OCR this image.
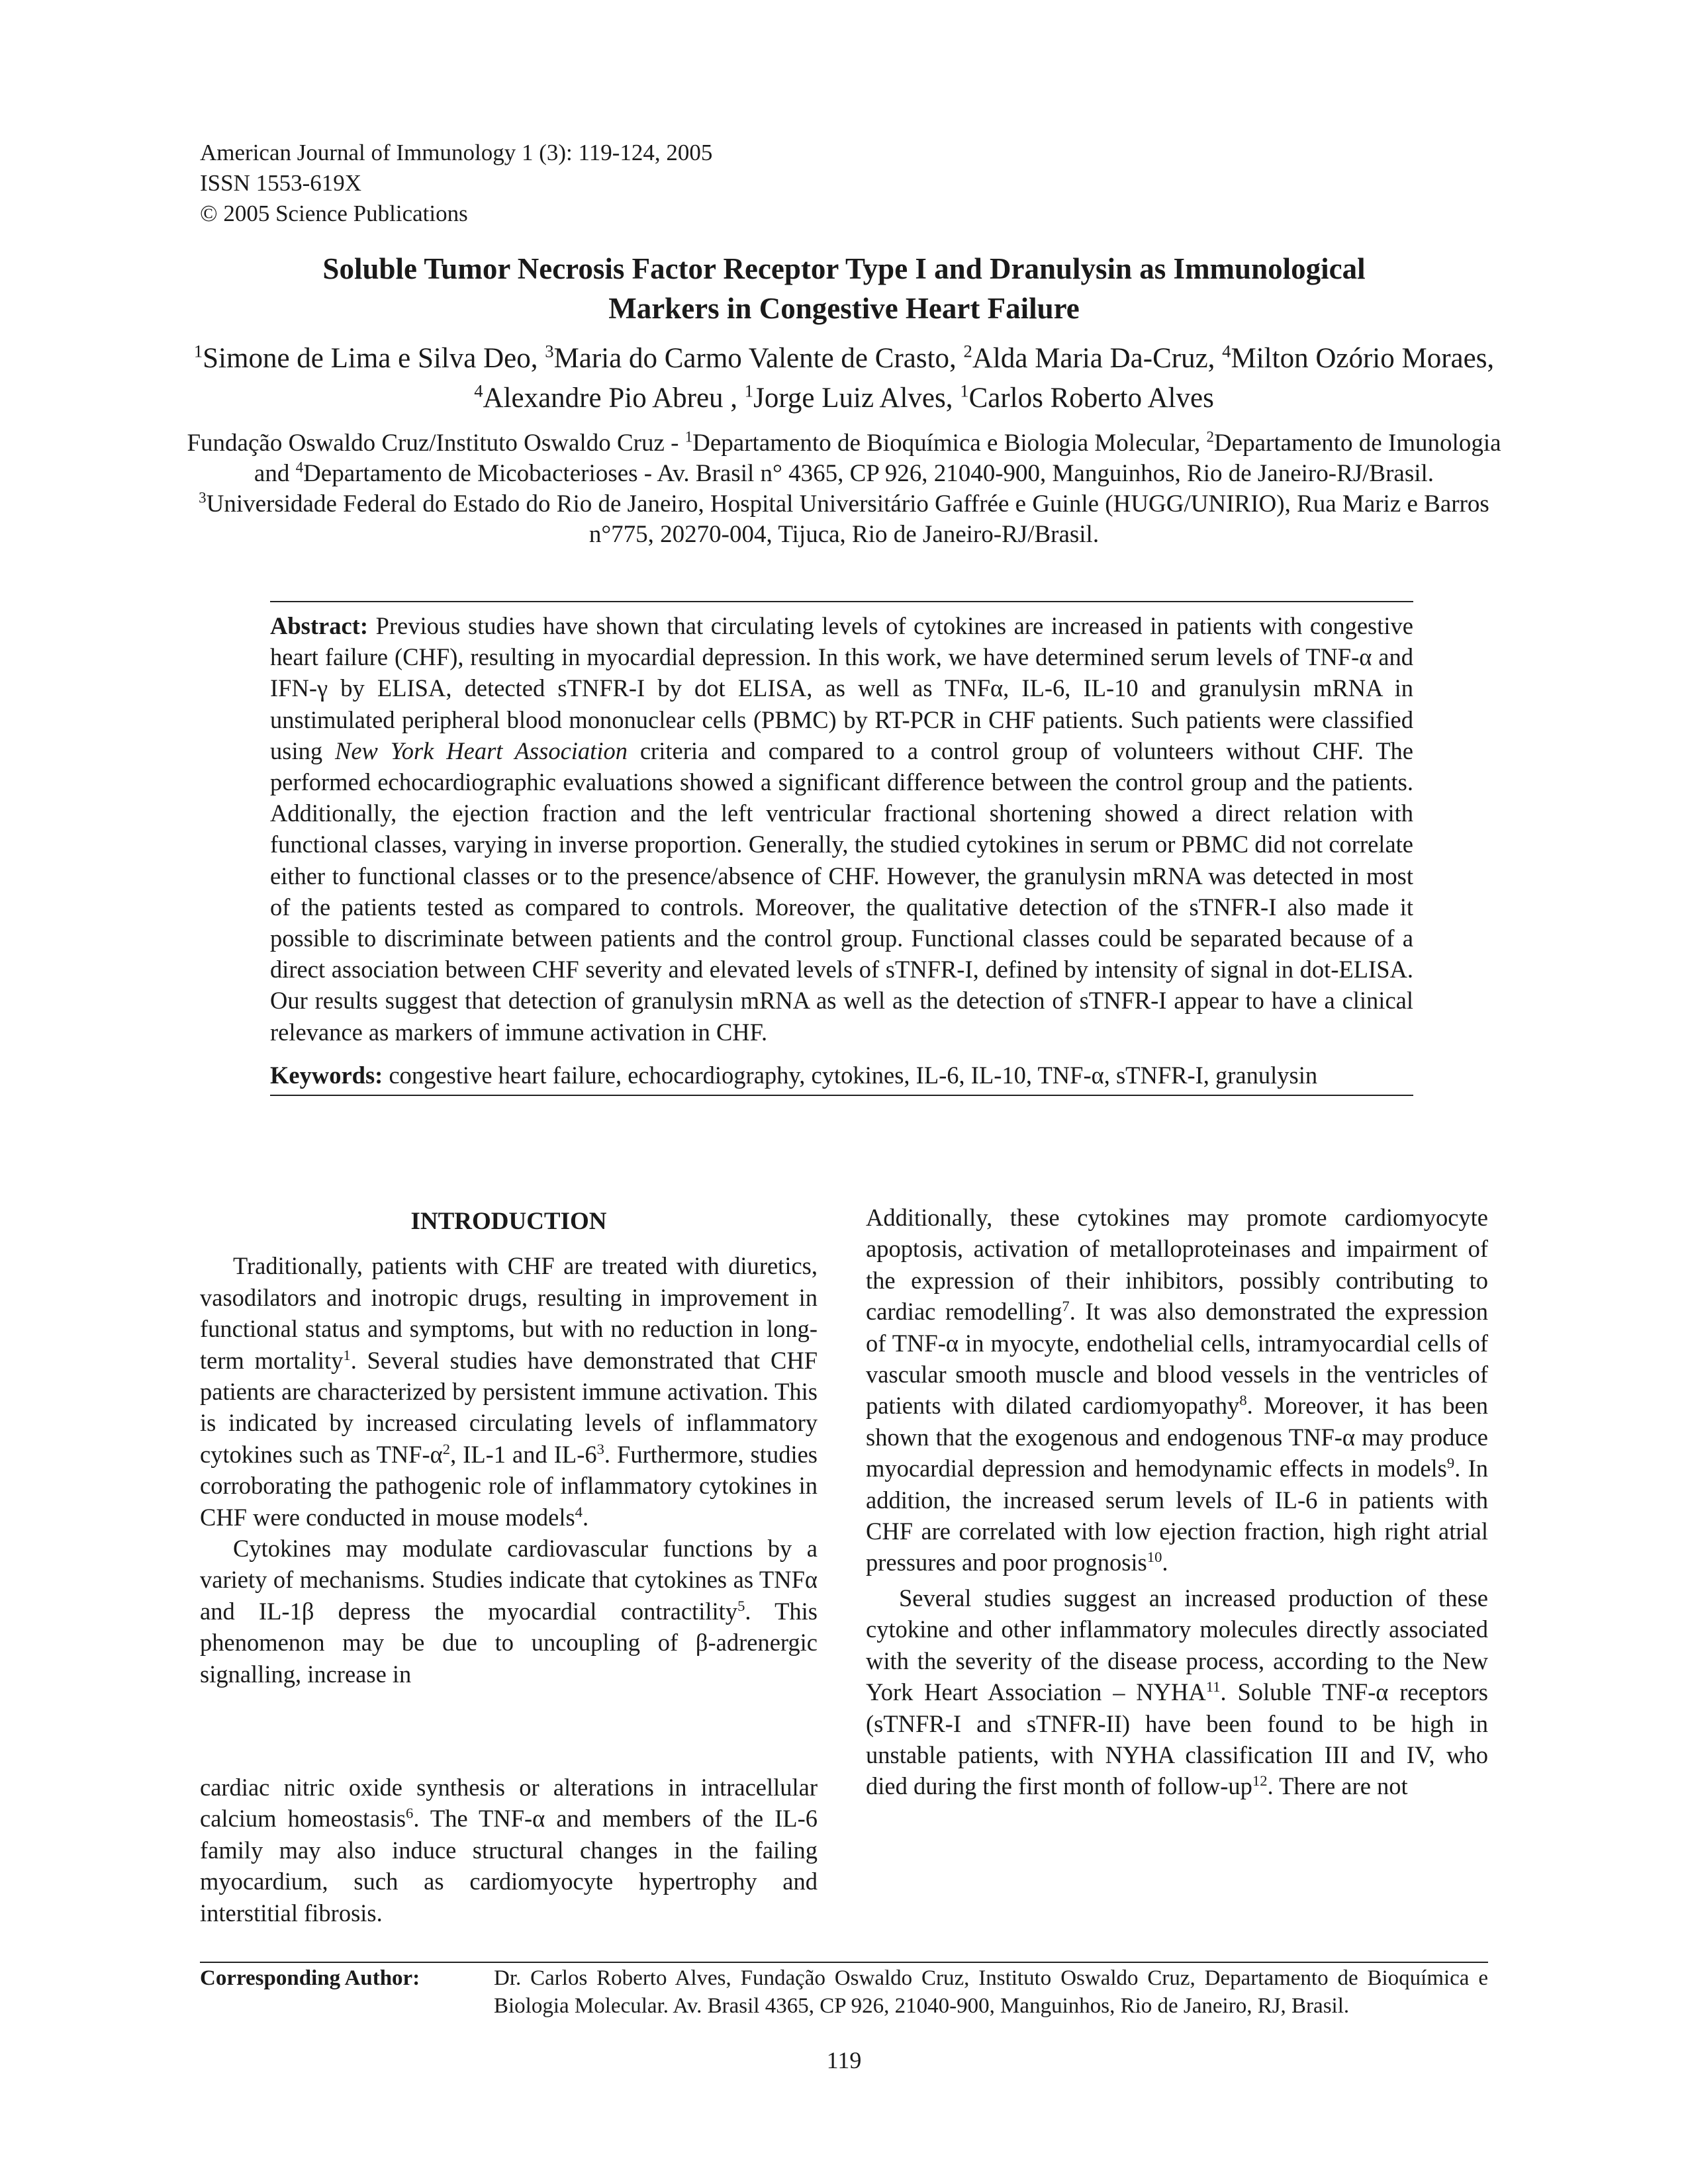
American Journal of Immunology 1 (3): 119-124, 2005
ISSN 1553-619X
© 2005 Science Publications
Soluble Tumor Necrosis Factor Receptor Type I and Dranulysin as Immunological
Markers in Congestive Heart Failure
$^1$Simone de Lima e Silva Deo, $^3$Maria do Carmo Valente de Crasto, $^2$Alda Maria Da-Cruz, $^4$Milton Ozório Moraes, $^4$Alexandre Pio Abreu , $^1$Jorge Luiz Alves, $^1$Carlos Roberto Alves
Fundação Oswaldo Cruz/Instituto Oswaldo Cruz - $^1$Departamento de Bioquímica e Biologia Molecular, $^2$Departamento de Imunologia and $^4$Departamento de Micobacterioses - Av. Brasil n° 4365, CP 926, 21040-900, Manguinhos, Rio de Janeiro-RJ/Brasil.
$^3$Universidade Federal do Estado do Rio de Janeiro, Hospital Universitário Gaffrée e Guinle (HUGG/UNIRIO), Rua Mariz e Barros n°775, 20270-004, Tijuca, Rio de Janeiro-RJ/Brasil.

Abstract: Previous studies have shown that circulating levels of cytokines are increased in patients with congestive heart failure (CHF), resulting in myocardial depression. In this work, we have determined serum levels of TNF-α and IFN-γ by ELISA, detected sTNFR-I by dot ELISA, as well as TNFα, IL-6, IL-10 and granulysin mRNA in unstimulated peripheral blood mononuclear cells (PBMC) by RT-PCR in CHF patients. Such patients were classified using New York Heart Association criteria and compared to a control group of volunteers without CHF. The performed echocardiographic evaluations showed a significant difference between the control group and the patients. Additionally, the ejection fraction and the left ventricular fractional shortening showed a direct relation with functional classes, varying in inverse proportion. Generally, the studied cytokines in serum or PBMC did not correlate either to functional classes or to the presence/absence of CHF. However, the granulysin mRNA was detected in most of the patients tested as compared to controls. Moreover, the qualitative detection of the sTNFR-I also made it possible to discriminate between patients and the control group. Functional classes could be separated because of a direct association between CHF severity and elevated levels of sTNFR-I, defined by intensity of signal in dot-ELISA. Our results suggest that detection of granulysin mRNA as well as the detection of sTNFR-I appear to have a clinical relevance as markers of immune activation in CHF.

Keywords: congestive heart failure, echocardiography, cytokines, IL-6, IL-10, TNF-α, sTNFR-I, granulysin

INTRODUCTION

Traditionally, patients with CHF are treated with diuretics, vasodilators and inotropic drugs, resulting in improvement in functional status and symptoms, but with no reduction in long-term mortality$^1$. Several studies have demonstrated that CHF patients are characterized by persistent immune activation. This is indicated by increased circulating levels of inflammatory cytokines such as TNF-$\alpha^2$, IL-1 and $IL-6^3$. Furthermore, studies corroborating the pathogenic role of inflammatory cytokines in CHF were conducted in mouse models$^4$.

Cytokines may modulate cardiovascular functions by a variety of mechanisms. Studies indicate that cytokines as TNFα and IL-1β depress the myocardial contractility$^5$. This phenomenon may be due to uncoupling of β-adrenergic signalling, increase in

cardiac nitric oxide synthesis or alterations in intracellular calcium homeostasis$^6$. The TNF-α and members of the IL-6 family may also induce structural changes in the failing myocardium, such as cardiomyocyte hypertrophy and interstitial fibrosis.

Additionally, these cytokines may promote cardiomyocyte apoptosis, activation of metalloproteinases and impairment of the expression of their inhibitors, possibly contributing to cardiac remodelling$^7$. It was also demonstrated the expression of TNF-α in myocyte, endothelial cells, intramyocardial cells of vascular smooth muscle and blood vessels in the ventricles of patients with dilated cardiomyopathy$^8$. Moreover, it has been shown that the exogenous and endogenous TNF-α may produce myocardial depression and hemodynamic effects in models$^9$. In addition, the increased serum levels of IL-6 in patients with CHF are correlated with low ejection fraction, high right atrial pressures and poor prognosis$^{10}$.

Several studies suggest an increased production of these cytokine and other inflammatory molecules directly associated with the severity of the disease process, according to the New York Heart Association – NYHA$^{11}$. Soluble TNF-α receptors (sTNFR-I and sTNFR-II) have been found to be high in unstable patients, with NYHA classification III and IV, who died during the first month of follow-$up^{12}$. There are not

Corresponding Author:	Dr. Carlos Roberto Alves, Fundação Oswaldo Cruz, Instituto Oswaldo Cruz, Departamento de Bioquímica e Biologia Molecular. Av. Brasil 4365, CP 926, 21040-900, Manguinhos, Rio de Janeiro, RJ, Brasil.
119
